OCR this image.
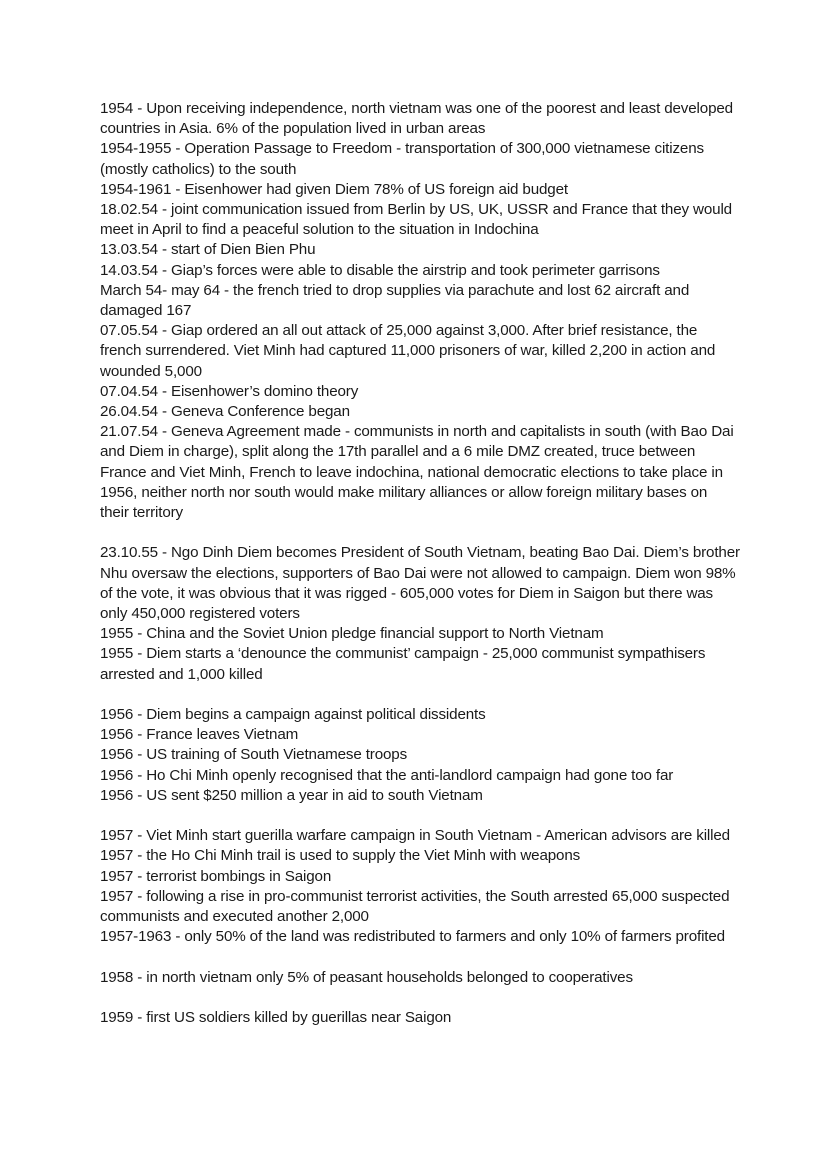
1954 - Upon receiving independence, north vietnam was one of the poorest and least developed countries in Asia. 6% of the population lived in urban areas

1954-1955 - Operation Passage to Freedom - transportation of 300,000 vietnamese citizens (mostly catholics) to the south

1954-1961 - Eisenhower had given Diem 78% of US foreign aid budget

18.02.54 - joint communication issued from Berlin by US, UK, USSR and France that they would meet in April to find a peaceful solution to the situation in Indochina

13.03.54 - start of Dien Bien Phu

14.03.54 - Giap’s forces were able to disable the airstrip and took perimeter garrisons

March 54- may 64 - the french tried to drop supplies via parachute and lost 62 aircraft and damaged 167

07.05.54 - Giap ordered an all out attack of 25,000 against 3,000. After brief resistance, the french surrendered. Viet Minh had captured 11,000 prisoners of war, killed 2,200 in action and wounded 5,000

07.04.54 - Eisenhower’s domino theory

26.04.54 - Geneva Conference began

21.07.54 - Geneva Agreement made - communists in north and capitalists in south (with Bao Dai and Diem in charge), split along the 17th parallel and a 6 mile DMZ created, truce between France and Viet Minh, French to leave indochina, national democratic elections to take place in 1956, neither north nor south would make military alliances or allow foreign military bases on their territory

23.10.55 - Ngo Dinh Diem becomes President of South Vietnam, beating Bao Dai. Diem’s brother Nhu oversaw the elections, supporters of Bao Dai were not allowed to campaign. Diem won 98% of the vote, it was obvious that it was rigged - 605,000 votes for Diem in Saigon but there was only 450,000 registered voters

1955 - China and the Soviet Union pledge financial support to North Vietnam

1955 - Diem starts a ‘denounce the communist’ campaign - 25,000 communist sympathisers arrested and 1,000 killed

1956 - Diem begins a campaign against political dissidents

1956 - France leaves Vietnam

1956 - US training of South Vietnamese troops

1956 - Ho Chi Minh openly recognised that the anti-landlord campaign had gone too far

1956 - US sent $250 million a year in aid to south Vietnam

1957 - Viet Minh start guerilla warfare campaign in South Vietnam - American advisors are killed

1957 - the Ho Chi Minh trail is used to supply the Viet Minh with weapons

1957 - terrorist bombings in Saigon

1957 - following a rise in pro-communist terrorist activities, the South arrested 65,000 suspected communists and executed another 2,000

1957-1963 - only 50% of the land was redistributed to farmers and only 10% of farmers profited

1958 - in north vietnam only 5% of peasant households belonged to cooperatives

1959 - first US soldiers killed by guerillas near Saigon
